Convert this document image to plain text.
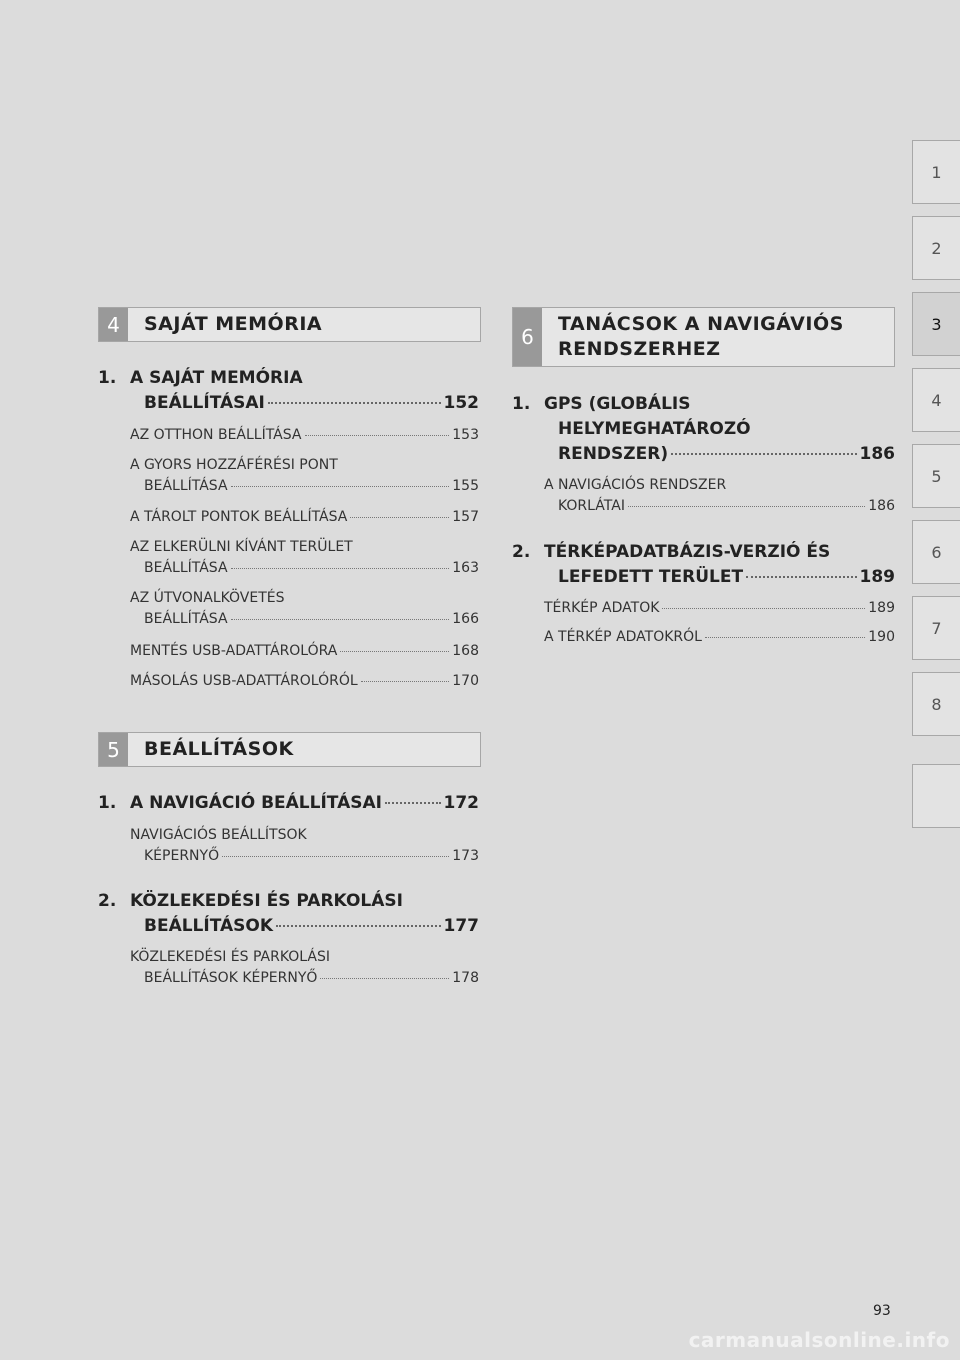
1
2
3
4
5
6
7
8
4	SAJÁT MEMÓRIA
1. A SAJÁT MEMÓRIA
BEÁLLÍTÁSAI	152
AZ OTTHON BEÁLLÍTÁSA	153
A GYORS HOZZÁFÉRÉSI PONT
BEÁLLÍTÁSA	155
A TÁROLT PONTOK BEÁLLÍTÁSA	157
AZ ELKERÜLNI KÍVÁNT TERÜLET
BEÁLLÍTÁSA	163
AZ ÚTVONALKÖVETÉS
BEÁLLÍTÁSA	166
MENTÉS USB-ADATTÁROLÓRA	168
MÁSOLÁS USB-ADATTÁROLÓRÓL	170
5	BEÁLLÍTÁSOK
1. A NAVIGÁCIÓ BEÁLLÍTÁSAI	172
NAVIGÁCIÓS BEÁLLÍTSOK
KÉPERNYŐ	173
2. KÖZLEKEDÉSI ÉS PARKOLÁSI
BEÁLLÍTÁSOK	177
KÖZLEKEDÉSI ÉS PARKOLÁSI
BEÁLLÍTÁSOK KÉPERNYŐ	178
6
TANÁCSOK A NAVIGÁVIÓS
RENDSZERHEZ
1. GPS (GLOBÁLIS
HELYMEGHATÁROZÓ
RENDSZER)	186
A NAVIGÁCIÓS RENDSZER
KORLÁTAI	186
2. TÉRKÉPADATBÁZIS-VERZIÓ ÉS
LEFEDETT TERÜLET	189
TÉRKÉP ADATOK	189
A TÉRKÉP ADATOKRÓL	190
93
carmanualsonline.info
